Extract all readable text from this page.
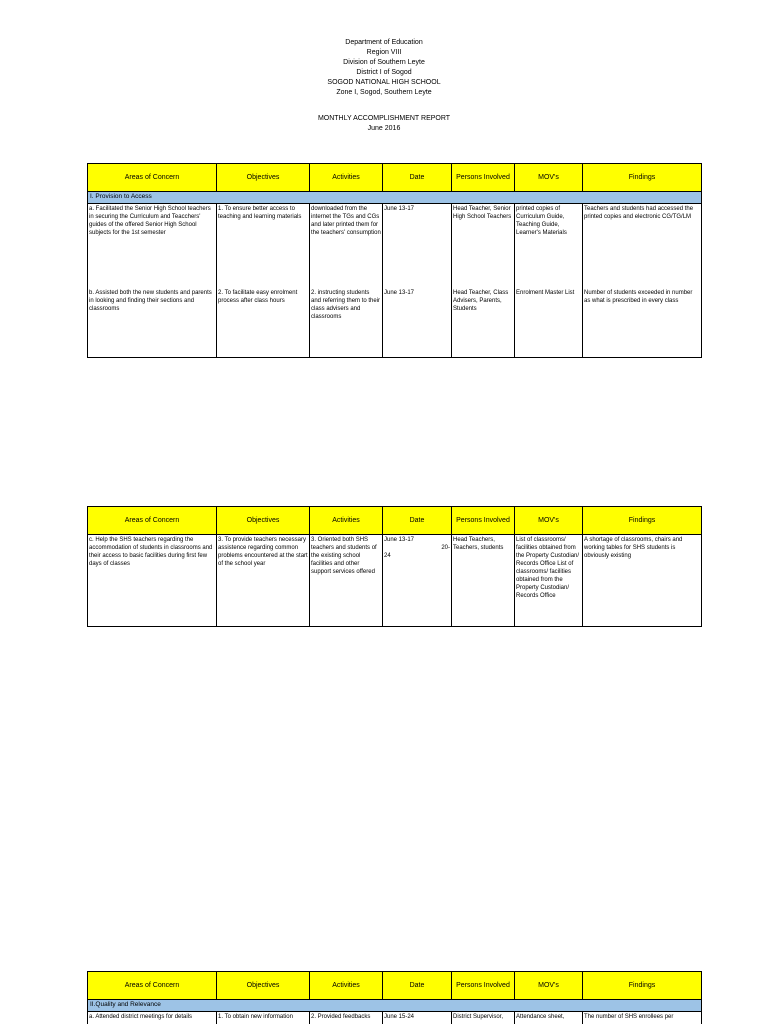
Department of Education
Region VIII
Division of Southern Leyte
District I of Sogod
SOGOD NATIONAL HIGH SCHOOL
Zone I, Sogod, Southern Leyte
MONTHLY ACCOMPLISHMENT REPORT
June 2016
Areas of Concern	Objectives	Activities	Date	Persons Involved	MOV's	Findings
I. Provision to Access						
a. Facilitated the Senior High School teachers in securing the Curriculum and Teacchers' guides of the offered Senior High School subjects for the 1st semester	1. To ensure better access to teaching and learning materials	downloaded from the internet the TGs and CGs and later printed them for the teachers' consumption	June 13-17	Head Teacher, Senior High School Teachers	printed copies of Curriculum Guide, Teaching Guide, Learner's Materials	Teachers and students had accessed the printed copies and electronic CG/TG/LM
b. Assisted both the new students and parents in looking and finding their sections and classrooms	2. To facilitate easy enrolment process after class hours	2. instructing students and referring them to their class advisers and classrooms	June 13-17	Head Teacher, Class Advisers, Parents, Students	Enrolment Master List	Number of students exceeded in number as what is prescribed in every class
Areas of Concern	Objectives	Activities	Date	Persons Involved	MOV's	Findings
c. Help the SHS teachers regarding the accommodation of students in classrooms and their access to basic facilities during first few days of classes	3. To provide teachers necessary assistence regarding common problems encountered at the start of the school year	3. Oriented both SHS teachers and students of the existing school facilities and other support services offered	June 13-17
20-
24	Head Teachers, Teachers, students	List of classrooms/ facilities obtained from the Property Custodian/ Records Office List of classrooms/ facilities obtained from the Property Custodian/ Records Office	A shortage of classrooms, chairs and working tables for SHS students is obviously existing
Areas of Concern	Objectives	Activities	Date	Persons Involved	MOV's	Findings
II.Quality and Relevance						
a. Attended district meetings for details	1. To obtain new information	2. Provided feedbacks	June 15-24	District Supervisor,	Attendance sheet,	The number of SHS enrollees per
